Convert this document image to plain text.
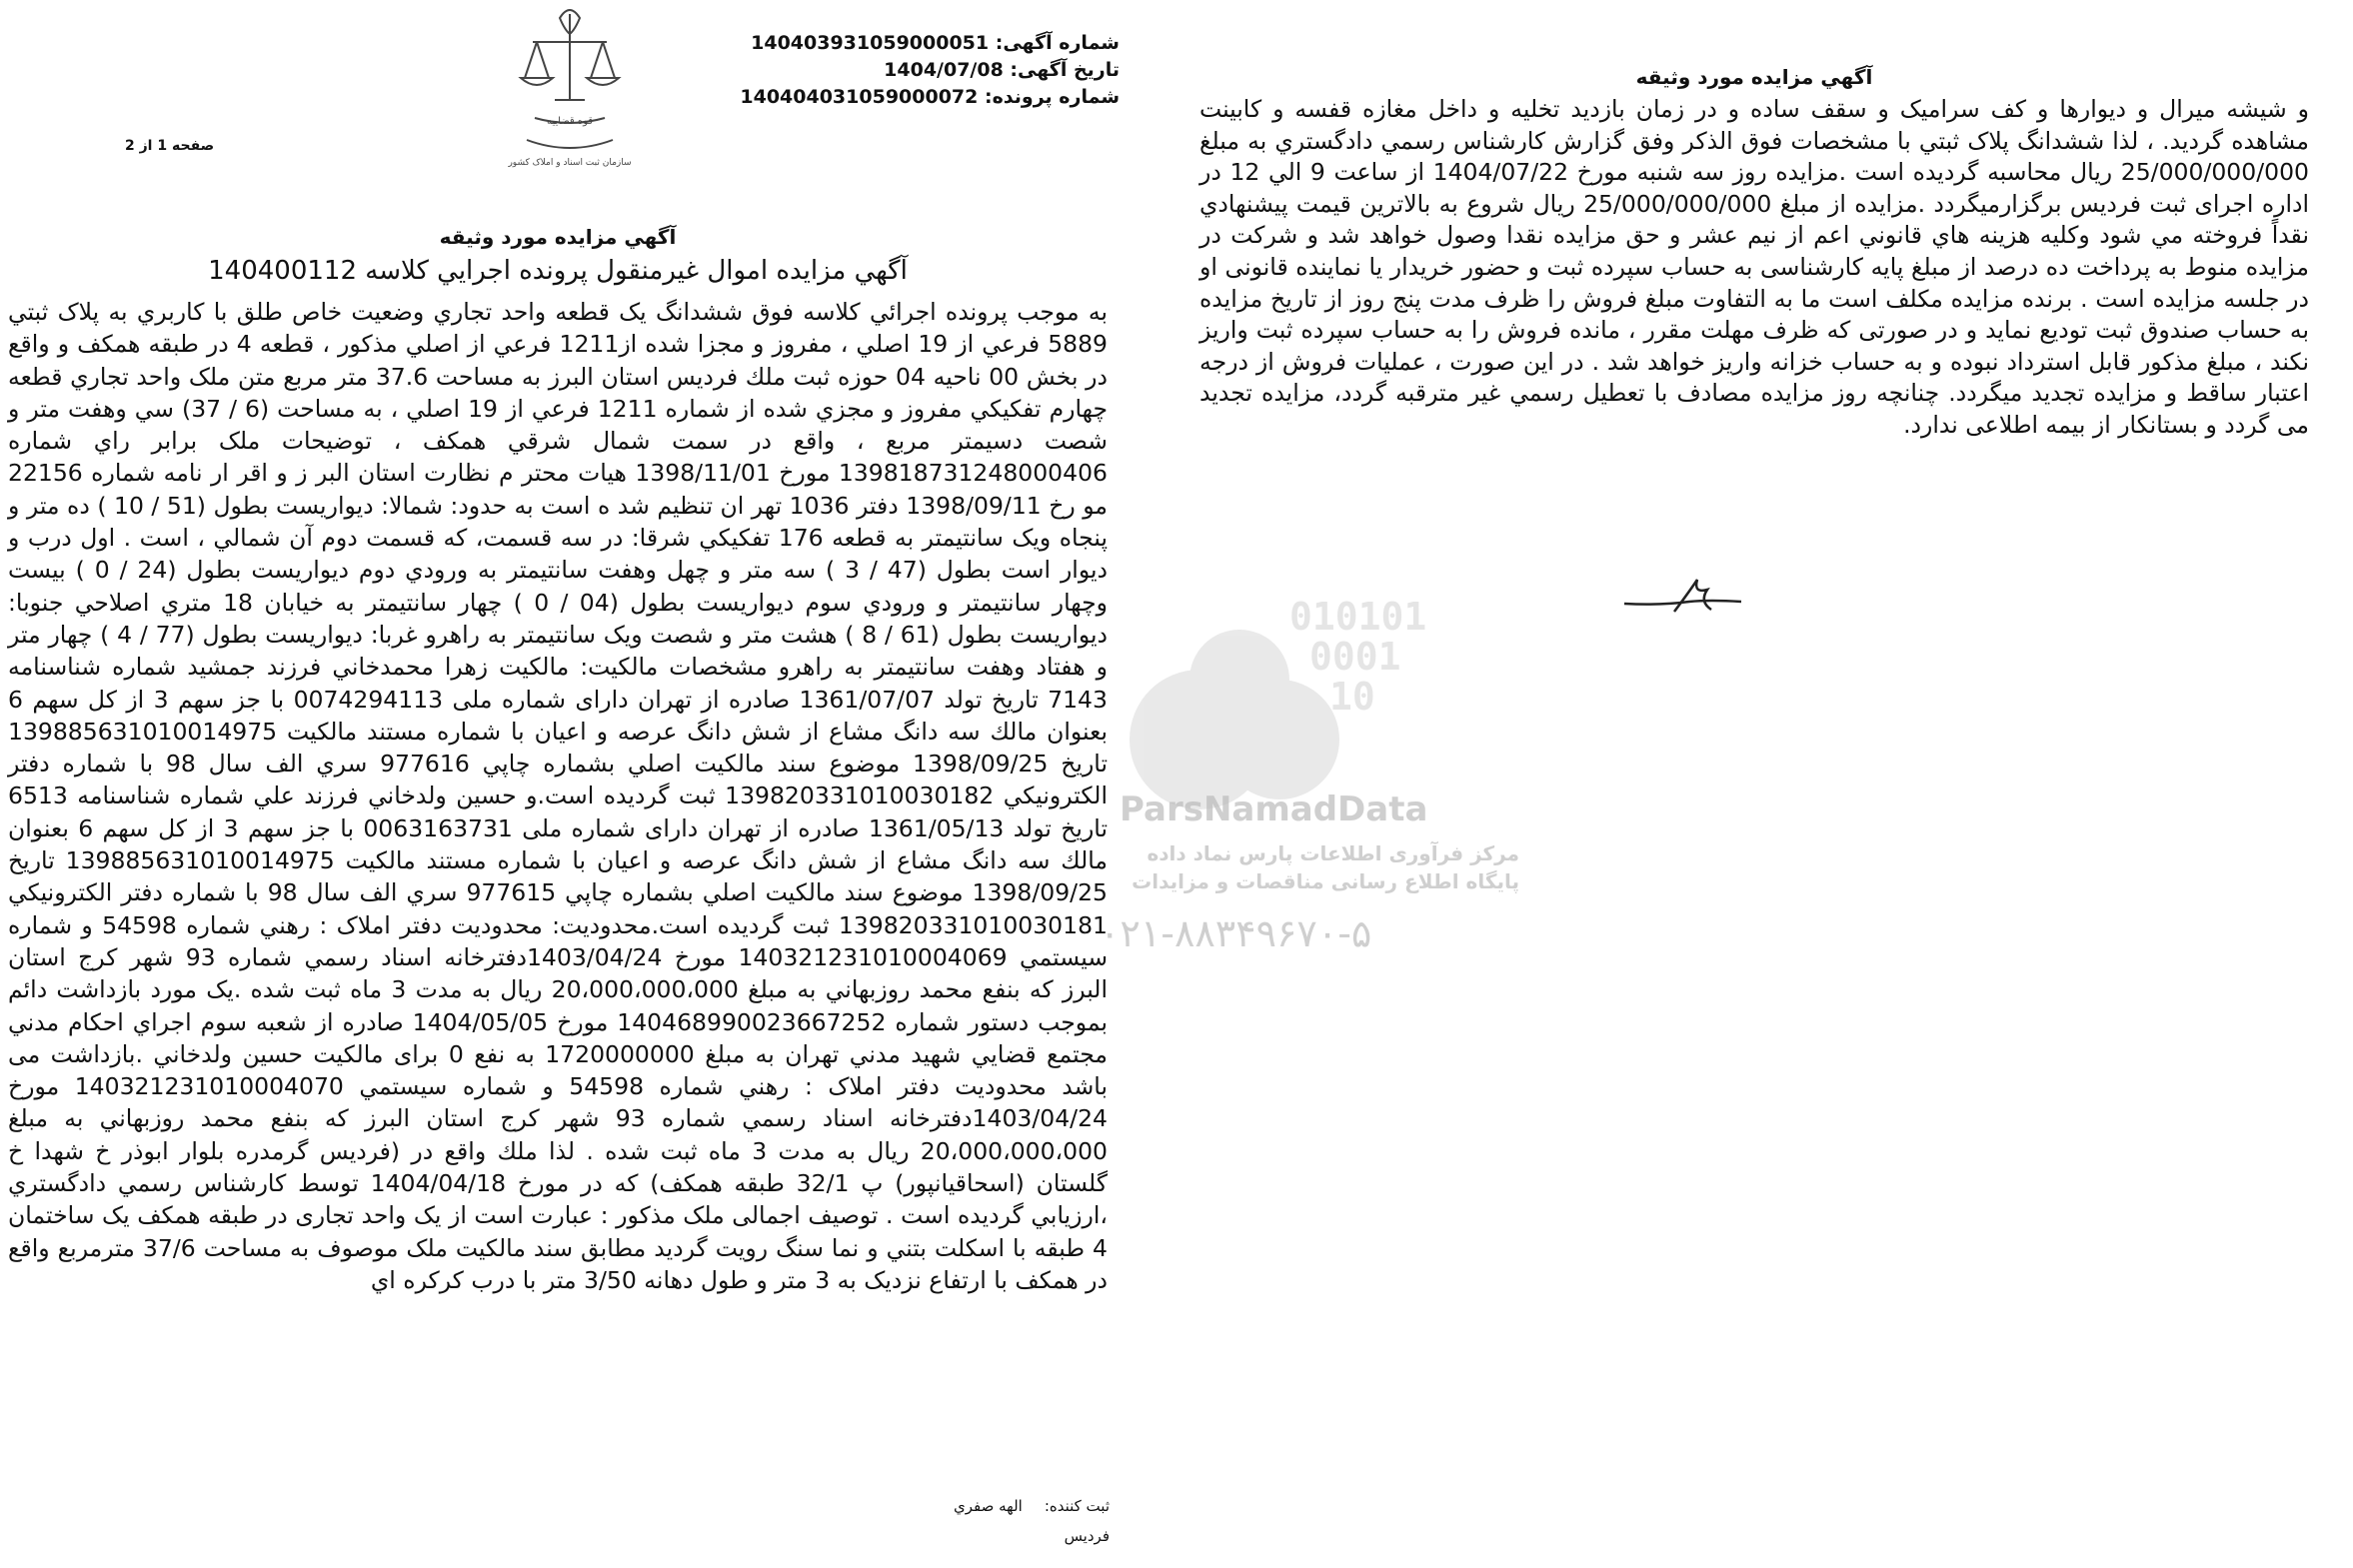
قوه قضاییه
سازمان ثبت اسناد و املاک کشور
شماره آگهی: 140403931059000051
تاریخ آگهی: 1404/07/08
شماره پرونده: 140404031059000072
صفحه 1 از 2
010101
0001
10
ParsNamadData
مرکز فرآوری اطلاعات پارس نماد داده
پایگاه اطلاع رسانی مناقصات و مزایدات
۰۲۱-۸۸۳۴۹۶۷۰-۵
آگهي مزايده مورد وثيقه
آگهي مزايده اموال غيرمنقول پرونده اجرايي كلاسه 140400112
به موجب پرونده اجرائي كلاسه فوق ششدانگ يک قطعه واحد تجاري وضعيت خاص طلق با كاربري به پلاک ثبتي 5889 فرعي از 19 اصلي ، مفروز و مجزا شده از1211 فرعي از اصلي مذكور ، قطعه 4 در طبقه همكف و واقع در بخش 00 ناحيه 04 حوزه ثبت ملك فرديس استان البرز به مساحت 37.6 متر مربع متن ملک واحد تجاري قطعه چهارم تفكيكي مفروز و مجزي شده از شماره 1211 فرعي از 19 اصلي ، به مساحت (6 / 37) سي وهفت متر و شصت دسيمتر مربع ، واقع در سمت شمال شرقي همكف ، توضيحات ملک برابر راي شماره 139818731248000406 مورخ 1398/11/01 هيات محتر م نظارت استان البر ز و اقر ار نامه شماره 22156 مو رخ 1398/09/11 دفتر 1036 تهر ان تنظيم شد ه است به حدود: شمالا: ديواريست بطول (51 / 10 ) ده متر و پنجاه ويک سانتيمتر به قطعه 176 تفكيكي شرقا: در سه قسمت، كه قسمت دوم آن شمالي ، است . اول درب و ديوار است بطول (47 / 3 ) سه متر و چهل وهفت سانتيمتر به ورودي دوم ديواريست بطول (24 / 0 ) بيست وچهار سانتيمتر و ورودي سوم ديواريست بطول (04 / 0 ) چهار سانتيمتر به خيابان 18 متري اصلاحي جنوبا: ديواريست بطول (61 / 8 ) هشت متر و شصت ويک سانتيمتر به راهرو غربا: ديواريست بطول (77 / 4 ) چهار متر و هفتاد وهفت سانتيمتر به راهرو مشخصات مالكيت: مالكيت زهرا محمدخاني فرزند جمشيد شماره شناسنامه 7143 تاريخ تولد 1361/07/07 صادره از تهران داراى شماره ملى 0074294113 با جز سهم 3 از كل سهم 6 بعنوان مالك سه دانگ مشاع از شش دانگ عرصه و اعيان با شماره مستند مالكيت 139885631010014975 تاريخ 1398/09/25 موضوع سند مالكيت اصلي بشماره چاپي 977616 سري الف سال 98 با شماره دفتر الكترونيكي 139820331010030182 ثبت گرديده است.و حسين ولدخاني فرزند علي شماره شناسنامه 6513 تاريخ تولد 1361/05/13 صادره از تهران داراى شماره ملى 0063163731 با جز سهم 3 از كل سهم 6 بعنوان مالك سه دانگ مشاع از شش دانگ عرصه و اعيان با شماره مستند مالكيت 139885631010014975 تاريخ 1398/09/25 موضوع سند مالكيت اصلي بشماره چاپي 977615 سري الف سال 98 با شماره دفتر الكترونيكي 139820331010030181 ثبت گرديده است.محدوديت: محدوديت دفتر املاک : رهني شماره 54598 و شماره سيستمي 140321231010004069 مورخ 1403/04/24دفترخانه اسناد رسمي شماره 93 شهر كرج استان البرز كه بنفع محمد روزبهاني به مبلغ 20،000،000،000 ريال به مدت 3 ماه ثبت شده .يک مورد بازداشت دائم بموجب دستور شماره 140468990023667252 مورخ 1404/05/05 صادره از شعبه سوم اجراي احكام مدني مجتمع قضايي شهيد مدني تهران به مبلغ 1720000000 به نفع 0 براى مالكيت حسين ولدخاني .بازداشت مى باشد محدوديت دفتر املاک : رهني شماره 54598 و شماره سيستمي 140321231010004070 مورخ 1403/04/24دفترخانه اسناد رسمي شماره 93 شهر كرج استان البرز كه بنفع محمد روزبهاني به مبلغ 20،000،000،000 ريال به مدت 3 ماه ثبت شده . لذا ملك واقع در (فرديس گرمدره بلوار ابوذر خ شهدا خ گلستان (اسحاقيانپور) پ 32/1 طبقه همكف) كه در مورخ 1404/04/18 توسط كارشناس رسمي دادگستري ،ارزيابي گرديده است . توصيف اجمالى ملک مذكور : عبارت است از يک واحد تجارى در طبقه همكف يک ساختمان 4 طبقه با اسكلت بتني و نما سنگ رويت گرديد مطابق سند مالكيت ملک موصوف به مساحت 37/6 مترمربع واقع در همكف با ارتفاع نزديک به 3 متر و طول دهانه 3/50 متر با درب كركره اي
آگهي مزايده مورد وثيقه
و شيشه ميرال و ديوارها و كف سراميک و سقف ساده و در زمان بازديد تخليه و داخل مغازه قفسه و كابينت مشاهده گرديد. ، لذا ششدانگ پلاک ثبتي با مشخصات فوق الذكر وفق گزارش كارشناس رسمي دادگستري به مبلغ 25/000/000/000 ريال محاسبه گرديده است .مزايده روز سه شنبه مورخ 1404/07/22 از ساعت 9 الي 12 در اداره اجراى ثبت فرديس برگزارميگردد .مزايده از مبلغ 25/000/000/000 ريال شروع به بالاترين قيمت پيشنهادي نقداً فروخته مي شود وكليه هزينه هاي قانوني اعم از نيم عشر و حق مزايده نقدا وصول خواهد شد و شركت در مزايده منوط به پرداخت ده درصد از مبلغ پايه كارشناسى به حساب سپرده ثبت و حضور خريدار يا نماينده قانونى او در جلسه مزايده است . برنده مزايده مكلف است ما به التفاوت مبلغ فروش را ظرف مدت پنج روز از تاريخ مزايده به حساب صندوق ثبت توديع نمايد و در صورتى كه ظرف مهلت مقرر ، مانده فروش را به حساب سپرده ثبت واريز نكند ، مبلغ مذكور قابل استرداد نبوده و به حساب خزانه واريز خواهد شد . در اين صورت ، عمليات فروش از درجه اعتبار ساقط و مزايده تجديد ميگردد. چنانچه روز مزايده مصادف با تعطيل رسمي غير مترقبه گردد، مزايده تجديد مى گردد و بستانكار از بيمه اطلاعى ندارد.
ثبت کننده:الهه صفري
فرديس
